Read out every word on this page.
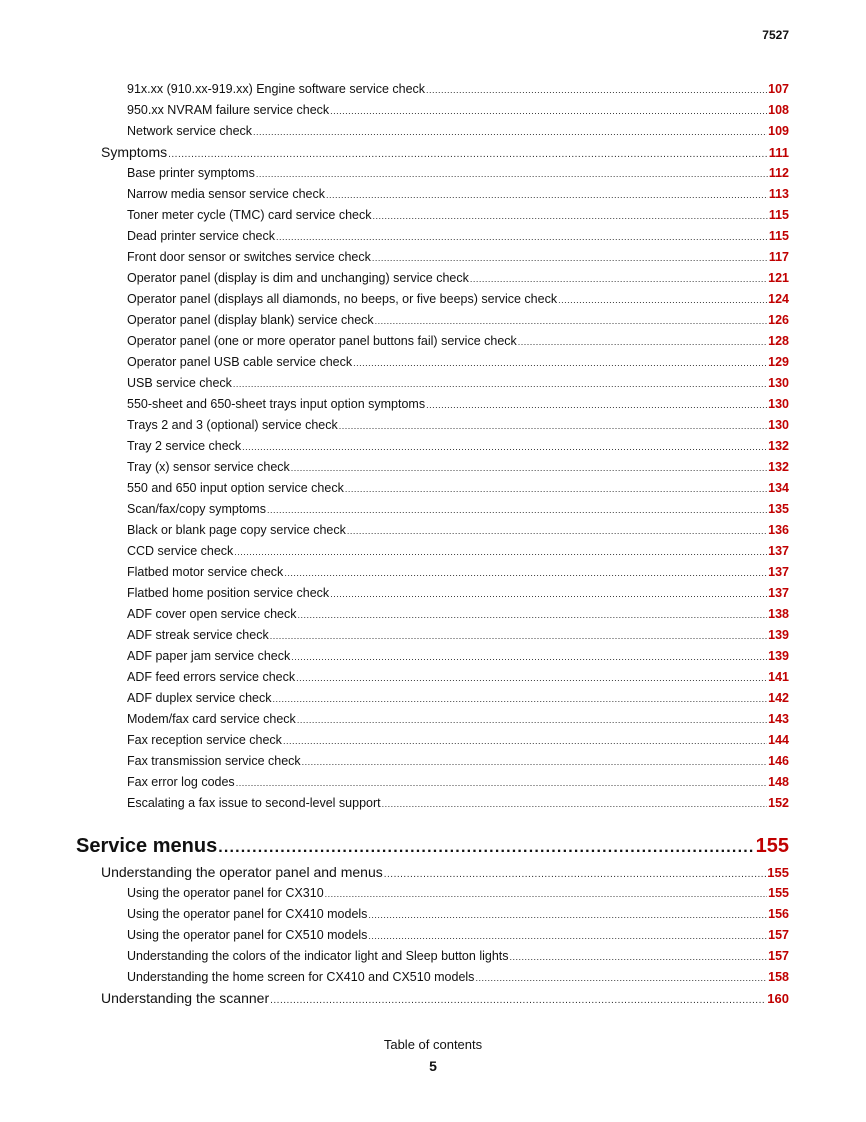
7527
91x.xx (910.xx-919.xx) Engine software service check .....	107
950.xx NVRAM failure service check .....	108
Network service check .....	109
Symptoms .....	111
Base printer symptoms .....	112
Narrow media sensor service check .....	113
Toner meter cycle (TMC) card service check .....	115
Dead printer service check .....	115
Front door sensor or switches service check .....	117
Operator panel (display is dim and unchanging) service check .....	121
Operator panel (displays all diamonds, no beeps, or five beeps) service check .....	124
Operator panel (display blank) service check .....	126
Operator panel (one or more operator panel buttons fail) service check .....	128
Operator panel USB cable service check .....	129
USB service check .....	130
550-sheet and 650-sheet trays input option symptoms .....	130
Trays 2 and 3 (optional) service check .....	130
Tray 2 service check .....	132
Tray (x) sensor service check .....	132
550 and 650 input option service check .....	134
Scan/fax/copy symptoms .....	135
Black or blank page copy service check .....	136
CCD service check .....	137
Flatbed motor service check .....	137
Flatbed home position service check .....	137
ADF cover open service check .....	138
ADF streak service check .....	139
ADF paper jam service check .....	139
ADF feed errors service check .....	141
ADF duplex service check .....	142
Modem/fax card service check .....	143
Fax reception service check .....	144
Fax transmission service check .....	146
Fax error log codes .....	148
Escalating a fax issue to second-level support .....	152
Service menus .....	155
Understanding the operator panel and menus .....	155
Using the operator panel for CX310 .....	155
Using the operator panel for CX410 models .....	156
Using the operator panel for CX510 models .....	157
Understanding the colors of the indicator light and Sleep button lights .....	157
Understanding the home screen for CX410 and CX510 models .....	158
Understanding the scanner .....	160
Table of contents
5
